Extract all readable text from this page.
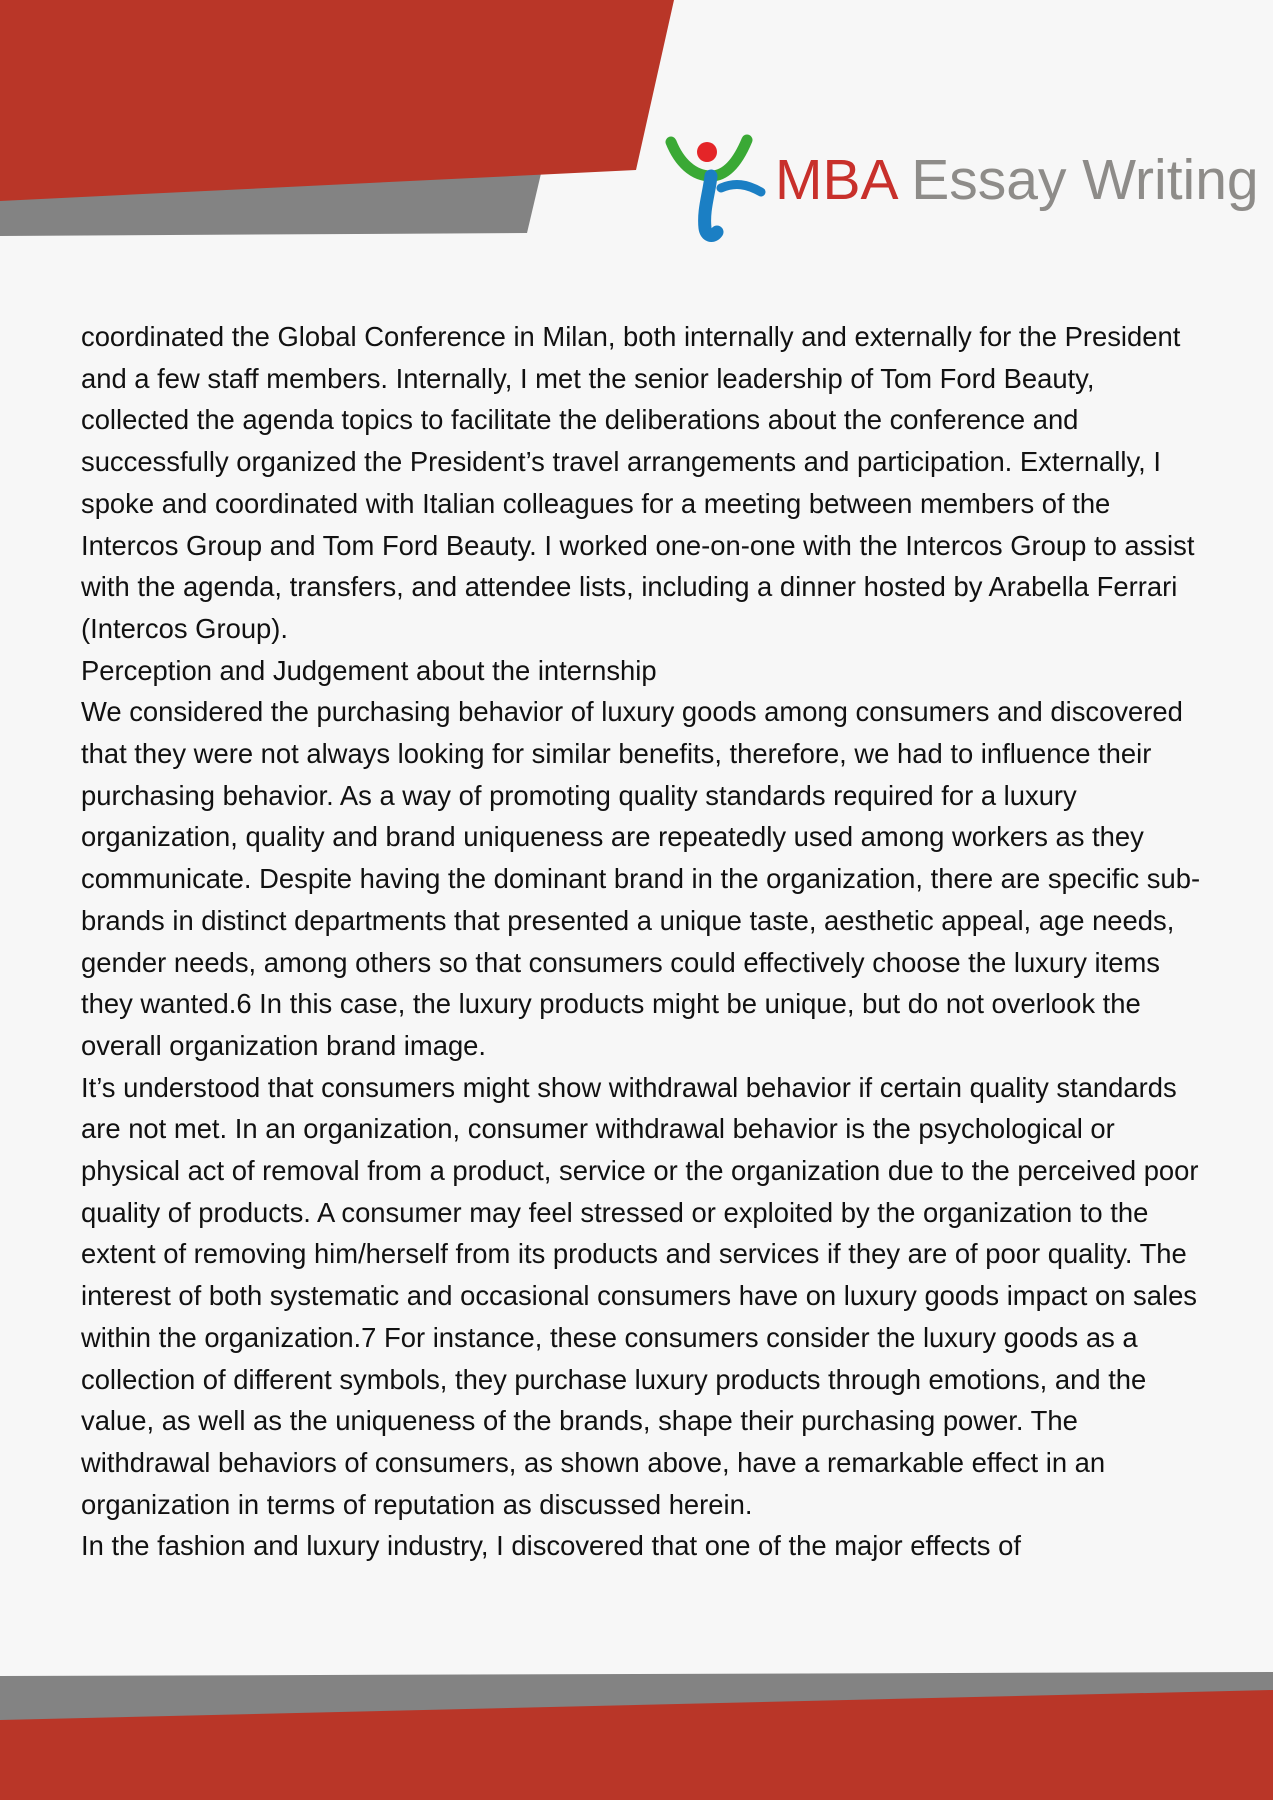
MBA Essay Writing

coordinated the Global Conference in Milan, both internally and externally for the President and a few staff members. Internally, I met the senior leadership of Tom Ford Beauty, collected the agenda topics to facilitate the deliberations about the conference and successfully organized the President’s travel arrangements and participation. Externally, I spoke and coordinated with Italian colleagues for a meeting between members of the Intercos Group and Tom Ford Beauty. I worked one-on-one with the Intercos Group to assist with the agenda, transfers, and attendee lists, including a dinner hosted by Arabella Ferrari (Intercos Group).

Perception and Judgement about the internship

We considered the purchasing behavior of luxury goods among consumers and discovered that they were not always looking for similar benefits, therefore, we had to influence their purchasing behavior. As a way of promoting quality standards required for a luxury organization, quality and brand uniqueness are repeatedly used among workers as they communicate. Despite having the dominant brand in the organization, there are specific sub-brands in distinct departments that presented a unique taste, aesthetic appeal, age needs, gender needs, among others so that consumers could effectively choose the luxury items they wanted.6 In this case, the luxury products might be unique, but do not overlook the overall organization brand image.

It’s understood that consumers might show withdrawal behavior if certain quality standards are not met. In an organization, consumer withdrawal behavior is the psychological or physical act of removal from a product, service or the organization due to the perceived poor quality of products. A consumer may feel stressed or exploited by the organization to the extent of removing him/herself from its products and services if they are of poor quality. The interest of both systematic and occasional consumers have on luxury goods impact on sales within the organization.7 For instance, these consumers consider the luxury goods as a collection of different symbols, they purchase luxury products through emotions, and the value, as well as the uniqueness of the brands, shape their purchasing power. The withdrawal behaviors of consumers, as shown above, have a remarkable effect in an organization in terms of reputation as discussed herein.

In the fashion and luxury industry, I discovered that one of the major effects of
